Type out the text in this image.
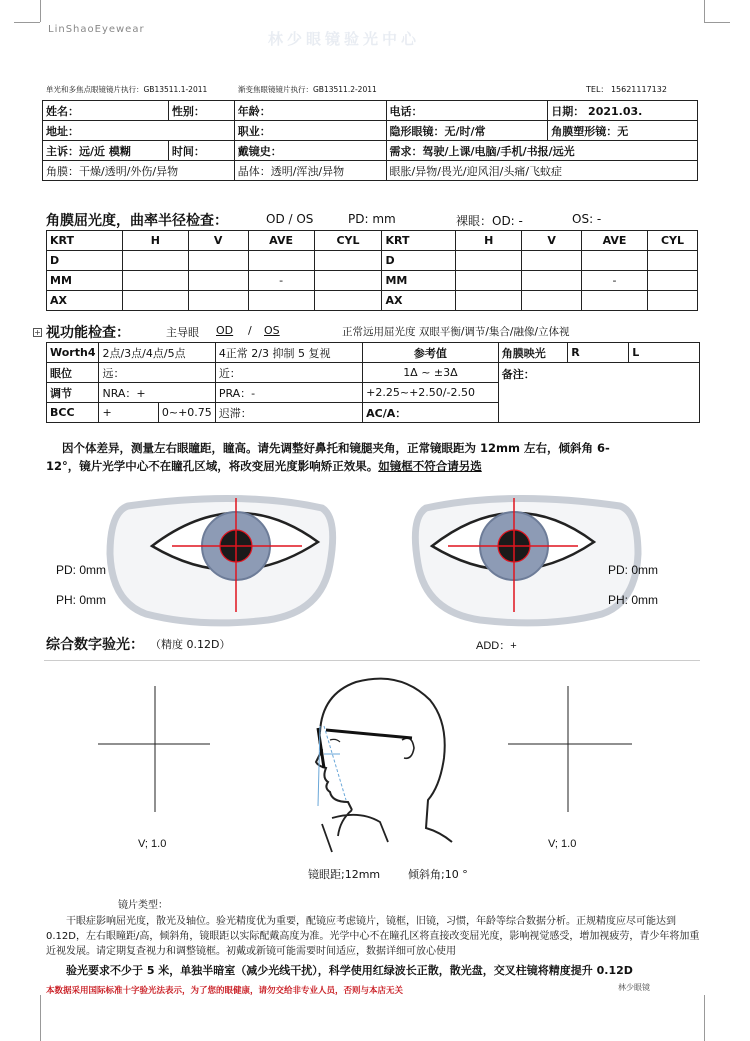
LinShaoEyewear
林少眼镜验光中心
单光和多焦点眼镜镜片执行：GB13511.1-2011	渐变焦眼镜镜片执行：GB13511.2-2011	TEL： 15621117132
姓名：	性别：	年龄：	电话：	日期： 2021.03.
地址：		职业：	隐形眼镜：无/时/常	角膜塑形镜：无
主诉：远/近 模糊	时间：	戴镜史：	需求：驾驶/上课/电脑/手机/书报/远光	
角膜：干燥/透明/外伤/异物		晶体：透明/浑浊/异物	眼胀/异物/畏光/迎风泪/头痛/飞蚊症	
角膜屈光度，曲率半径检查：	OD / OS	PD: mm	裸眼：OD: -	OS: -
KRT	H	V	AVE	CYL	KRT	H	V	AVE	CYL
D					D				
MM			-		MM			-	
AX					AX				
+ 视功能检查：	主导眼 OD / OS	正常远用屈光度 双眼平衡/调节/集合/融像/立体视
Worth4	2点/3点/4点/5点		4正常 2/3 抑制 5 复视	参考值	角膜映光	R	L
眼位	远：		近：	1Δ ~ ±3Δ	备注：		
调节	NRA：+		PRA：-	+2.25~+2.50/-2.50			
BCC	+	0~+0.75	迟滞：	AC/A：			
因个体差异，测量左右眼瞳距，瞳高。请先调整好鼻托和镜腿夹角，正常镜眼距为 12mm 左右，倾斜角 6-
12°，镜片光学中心不在瞳孔区域，将改变屈光度影响矫正效果。如镜框不符合请另选
PD: 0mm
PH: 0mm
PD: 0mm
PH: 0mm
综合数字验光： （精度 0.12D）	ADD：+
V; 1.0	V; 1.0
镜眼距;12mm	倾斜角;10 °
镜片类型：
干眼症影响屈光度，散光及轴位。验光精度优为重要，配镜应考虑镜片，镜框，旧镜，习惯，年龄等综合数据分析。正规精度应尽可能达到 0.12D，左右眼瞳距/高，倾斜角，镜眼距以实际配戴高度为准。光学中心不在瞳孔区将直接改变屈光度，影响视觉感受，增加视疲劳，青少年将加重近视发展。请定期复查视力和调整镜框。初戴或新镜可能需要时间适应，数据详细可放心使用
验光要求不少于 5 米，单独半暗室（减少光线干扰），科学使用红绿波长正散，散光盘，交叉柱镜将精度提升 0.12D
本数据采用国际标准十字验光法表示，为了您的眼健康，请勿交给非专业人员，否则与本店无关	林少眼镜
